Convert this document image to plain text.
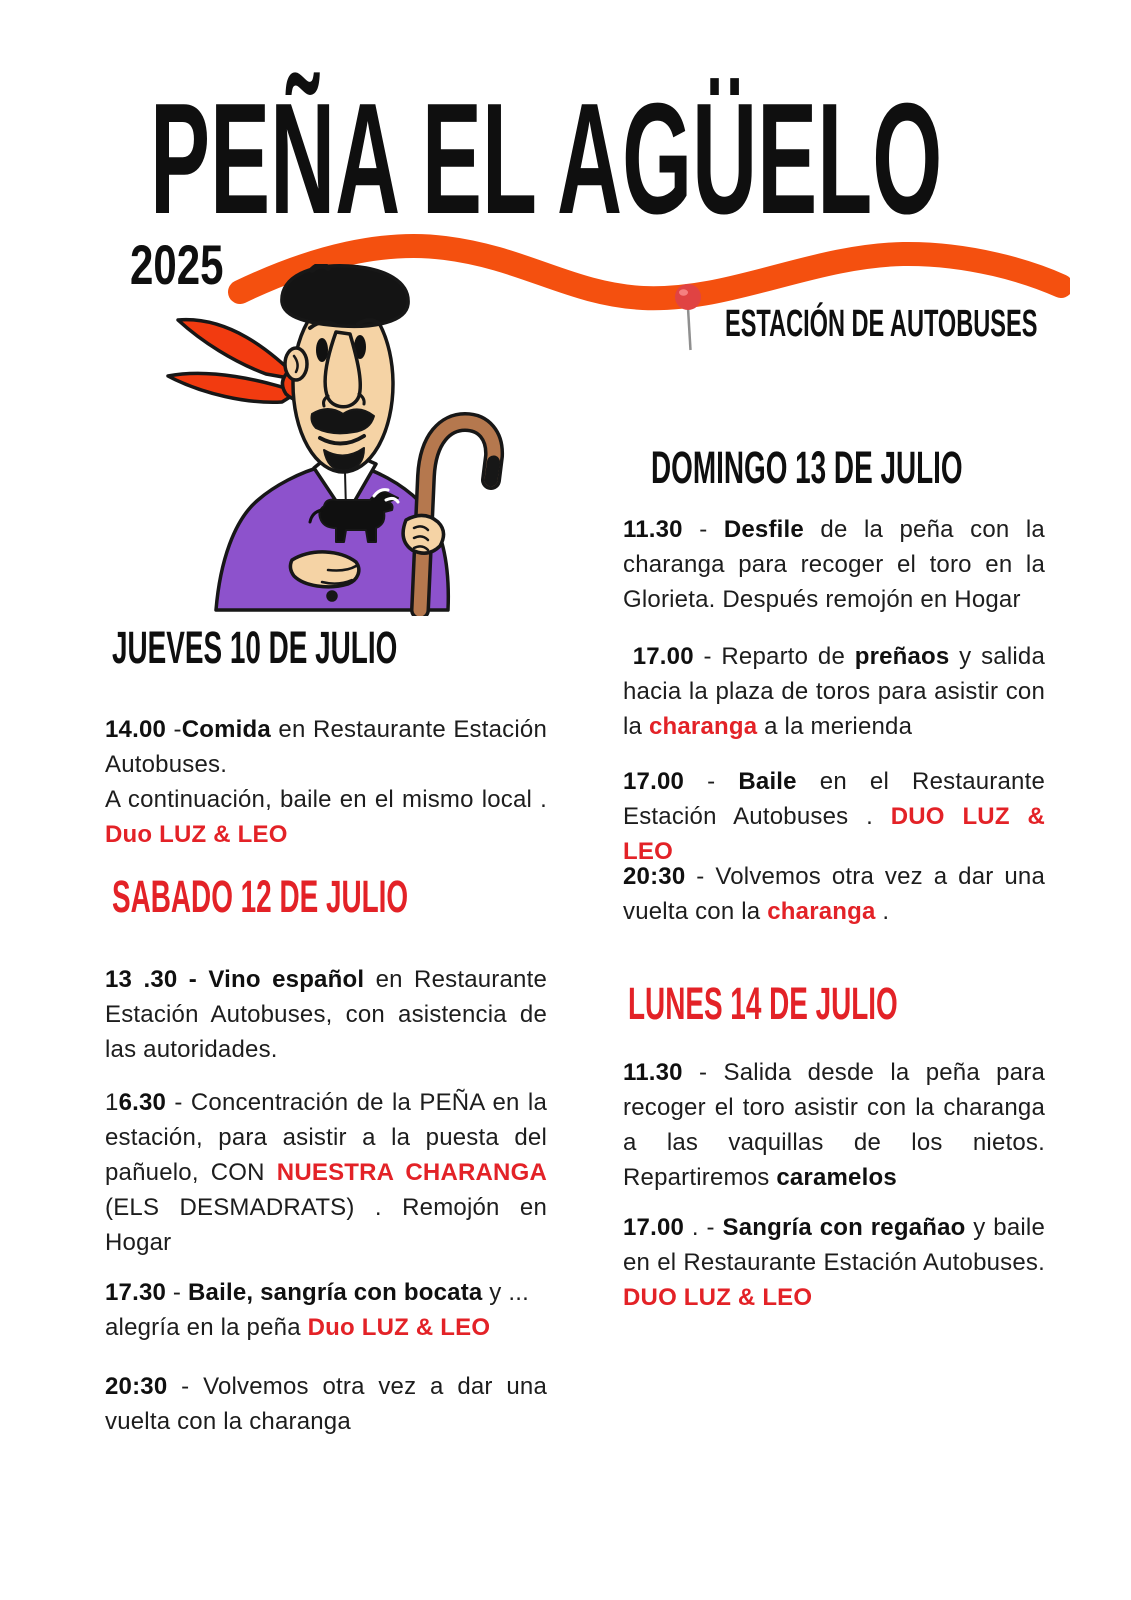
PEÑA EL AGÜELO
2025
ESTACIÓN DE AUTOBUSES
JUEVES 10 DE JULIO

14.00 -Comida en Restaurante Estación Autobuses.
A continuación, baile en el mismo local . Duo LUZ & LEO

SABADO 12 DE JULIO

13 .30 - Vino español en Restaurante Estación Autobuses, con asistencia de las autoridades.

16.30 - Concentración de la PEÑA en la estación, para asistir a la puesta del pañuelo, CON NUESTRA CHARANGA (ELS DESMADRATS) . Remojón en Hogar

17.30 - Baile, sangría con bocata y ...
alegría en la peña Duo LUZ & LEO

20:30 - Volvemos otra vez a dar una vuelta con la charanga

DOMINGO 13 DE JULIO

11.30 - Desfile de la peña con la charanga para recoger el toro en la Glorieta. Después remojón en Hogar

17.00 - Reparto de preñaos y salida hacia la plaza de toros para asistir con la charanga a la merienda

17.00 - Baile en el Restaurante Estación Autobuses . DUO LUZ & LEO

20:30 - Volvemos otra vez a dar una vuelta con la charanga .

LUNES 14 DE JULIO

11.30 - Salida desde la peña para recoger el toro asistir con la charanga a las vaquillas de los nietos. Repartiremos caramelos

17.00 . - Sangría con regañao y baile en el Restaurante Estación Autobuses. DUO LUZ & LEO
